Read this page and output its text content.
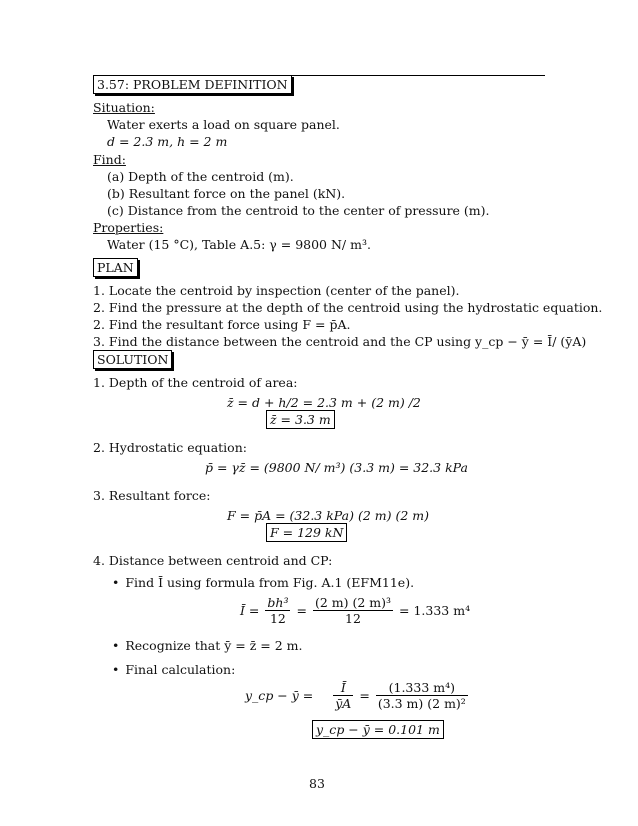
3.57: PROBLEM DEFINITION
Situation:
Water exerts a load on square panel.
d = 2.3 m, h = 2 m
Find:
(a) Depth of the centroid (m).
(b) Resultant force on the panel (kN).
(c) Distance from the centroid to the center of pressure (m).
Properties:
Water (15 °C), Table A.5: γ = 9800 N/ m³.
PLAN
1. Locate the centroid by inspection (center of the panel).
2. Find the pressure at the depth of the centroid using the hydrostatic equation.
2. Find the resultant force using F = p̄A.
3. Find the distance between the centroid and the CP using y_cp − ȳ = Ī/ (ȳA)
SOLUTION
1. Depth of the centroid of area:
z̄ = d + h/2 = 2.3 m + (2 m) /2
z̄ = 3.3 m
2. Hydrostatic equation:
p̄ = γz̄ = (9800 N/ m³) (3.3 m) = 32.3 kPa
3. Resultant force:
F = p̄A = (32.3 kPa) (2 m) (2 m)
F = 129 kN
4. Distance between centroid and CP:
• Find Ī using formula from Fig. A.1 (EFM11e).
Ī = $\frac{\text{bh³}}{12} = \frac{\text{(2 m) (2 m)³}}{12} = 1.333$ m⁴
• Recognize that ȳ = z̄ = 2 m.
• Final calculation:
y_cp − ȳ = $\frac{Ī}{ȳA} = \frac{\text{(1.333 m⁴)}}{\text{(3.3 m) (2 m)²}}$
y_cp − ȳ = 0.101 m
83
